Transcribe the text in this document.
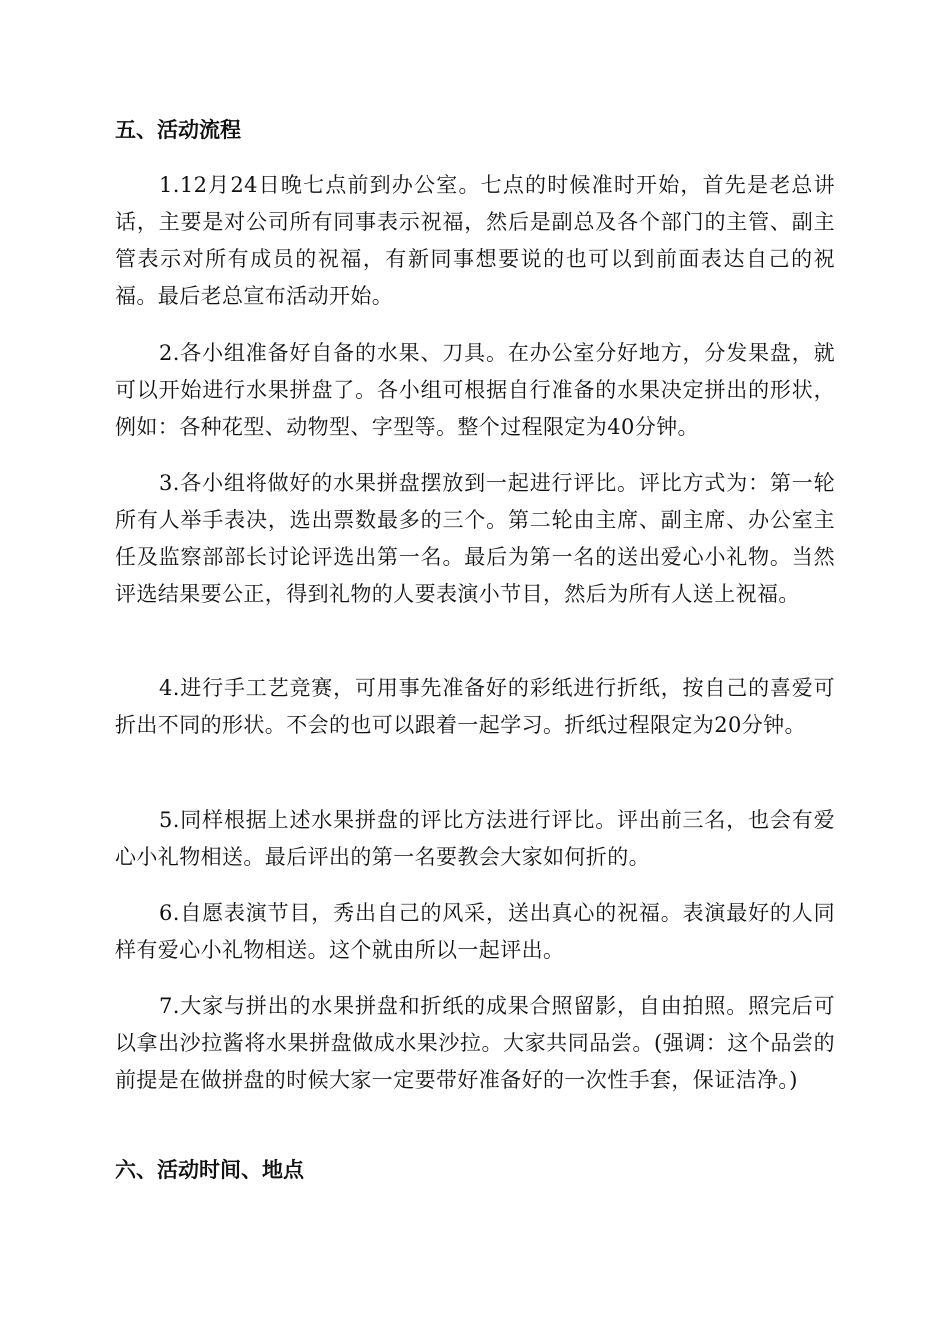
五、活动流程

1.12月24日晚七点前到办公室。七点的时候准时开始，首先是老总讲话，主要是对公司所有同事表示祝福，然后是副总及各个部门的主管、副主管表示对所有成员的祝福，有新同事想要说的也可以到前面表达自己的祝福。最后老总宣布活动开始。

2.各小组准备好自备的水果、刀具。在办公室分好地方，分发果盘，就可以开始进行水果拼盘了。各小组可根据自行准备的水果决定拼出的形状，例如：各种花型、动物型、字型等。整个过程限定为40分钟。

3.各小组将做好的水果拼盘摆放到一起进行评比。评比方式为：第一轮所有人举手表决，选出票数最多的三个。第二轮由主席、副主席、办公室主任及监察部部长讨论评选出第一名。最后为第一名的送出爱心小礼物。当然评选结果要公正，得到礼物的人要表演小节目，然后为所有人送上祝福。

4.进行手工艺竞赛，可用事先准备好的彩纸进行折纸，按自己的喜爱可折出不同的形状。不会的也可以跟着一起学习。折纸过程限定为20分钟。

5.同样根据上述水果拼盘的评比方法进行评比。评出前三名，也会有爱心小礼物相送。最后评出的第一名要教会大家如何折的。

6.自愿表演节目，秀出自己的风采，送出真心的祝福。表演最好的人同样有爱心小礼物相送。这个就由所以一起评出。

7.大家与拼出的水果拼盘和折纸的成果合照留影，自由拍照。照完后可以拿出沙拉酱将水果拼盘做成水果沙拉。大家共同品尝。(强调：这个品尝的前提是在做拼盘的时候大家一定要带好准备好的一次性手套，保证洁净。)

六、活动时间、地点
